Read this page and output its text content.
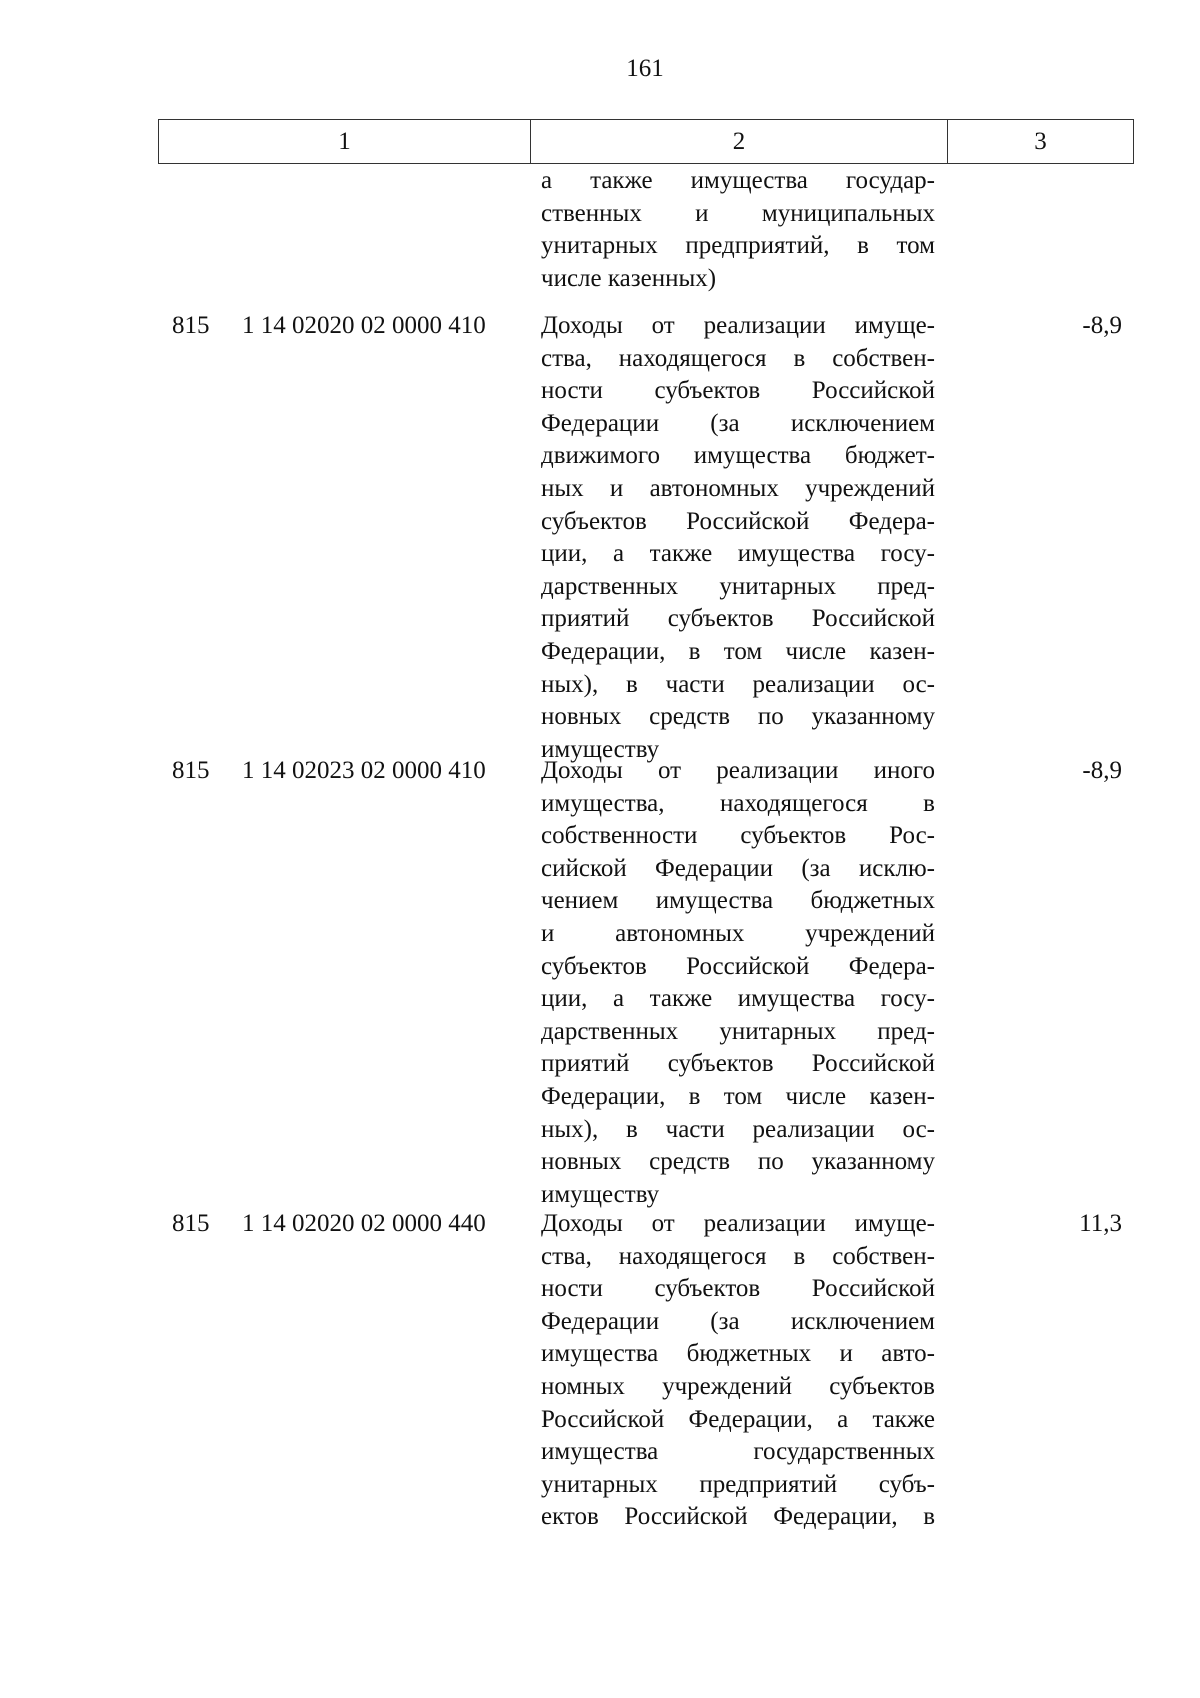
161
1	2	3
а также имущества государ-
ственных и муниципальных
унитарных предприятий, в том
числе казенных)
815 1 14 02020 02 0000 410 Доходы от реализации имуще-
ства, находящегося в собствен-
ности субъектов Российской
Федерации (за исключением
движимого имущества бюджет-
ных и автономных учреждений
субъектов Российской Федера-
ции, а также имущества госу-
дарственных унитарных пред-
приятий субъектов Российской
Федерации, в том числе казен-
ных), в части реализации ос-
новных средств по указанному
имуществу
-8,9
815 1 14 02023 02 0000 410 Доходы от реализации иного
имущества, находящегося в
собственности субъектов Рос-
сийской Федерации (за исклю-
чением имущества бюджетных
и автономных учреждений
субъектов Российской Федера-
ции, а также имущества госу-
дарственных унитарных пред-
приятий субъектов Российской
Федерации, в том числе казен-
ных), в части реализации ос-
новных средств по указанному
имуществу
-8,9
815 1 14 02020 02 0000 440 Доходы от реализации имуще-
ства, находящегося в собствен-
ности субъектов Российской
Федерации (за исключением
имущества бюджетных и авто-
номных учреждений субъектов
Российской Федерации, а также
имущества государственных
унитарных предприятий субъ-
ектов Российской Федерации, в
11,3
